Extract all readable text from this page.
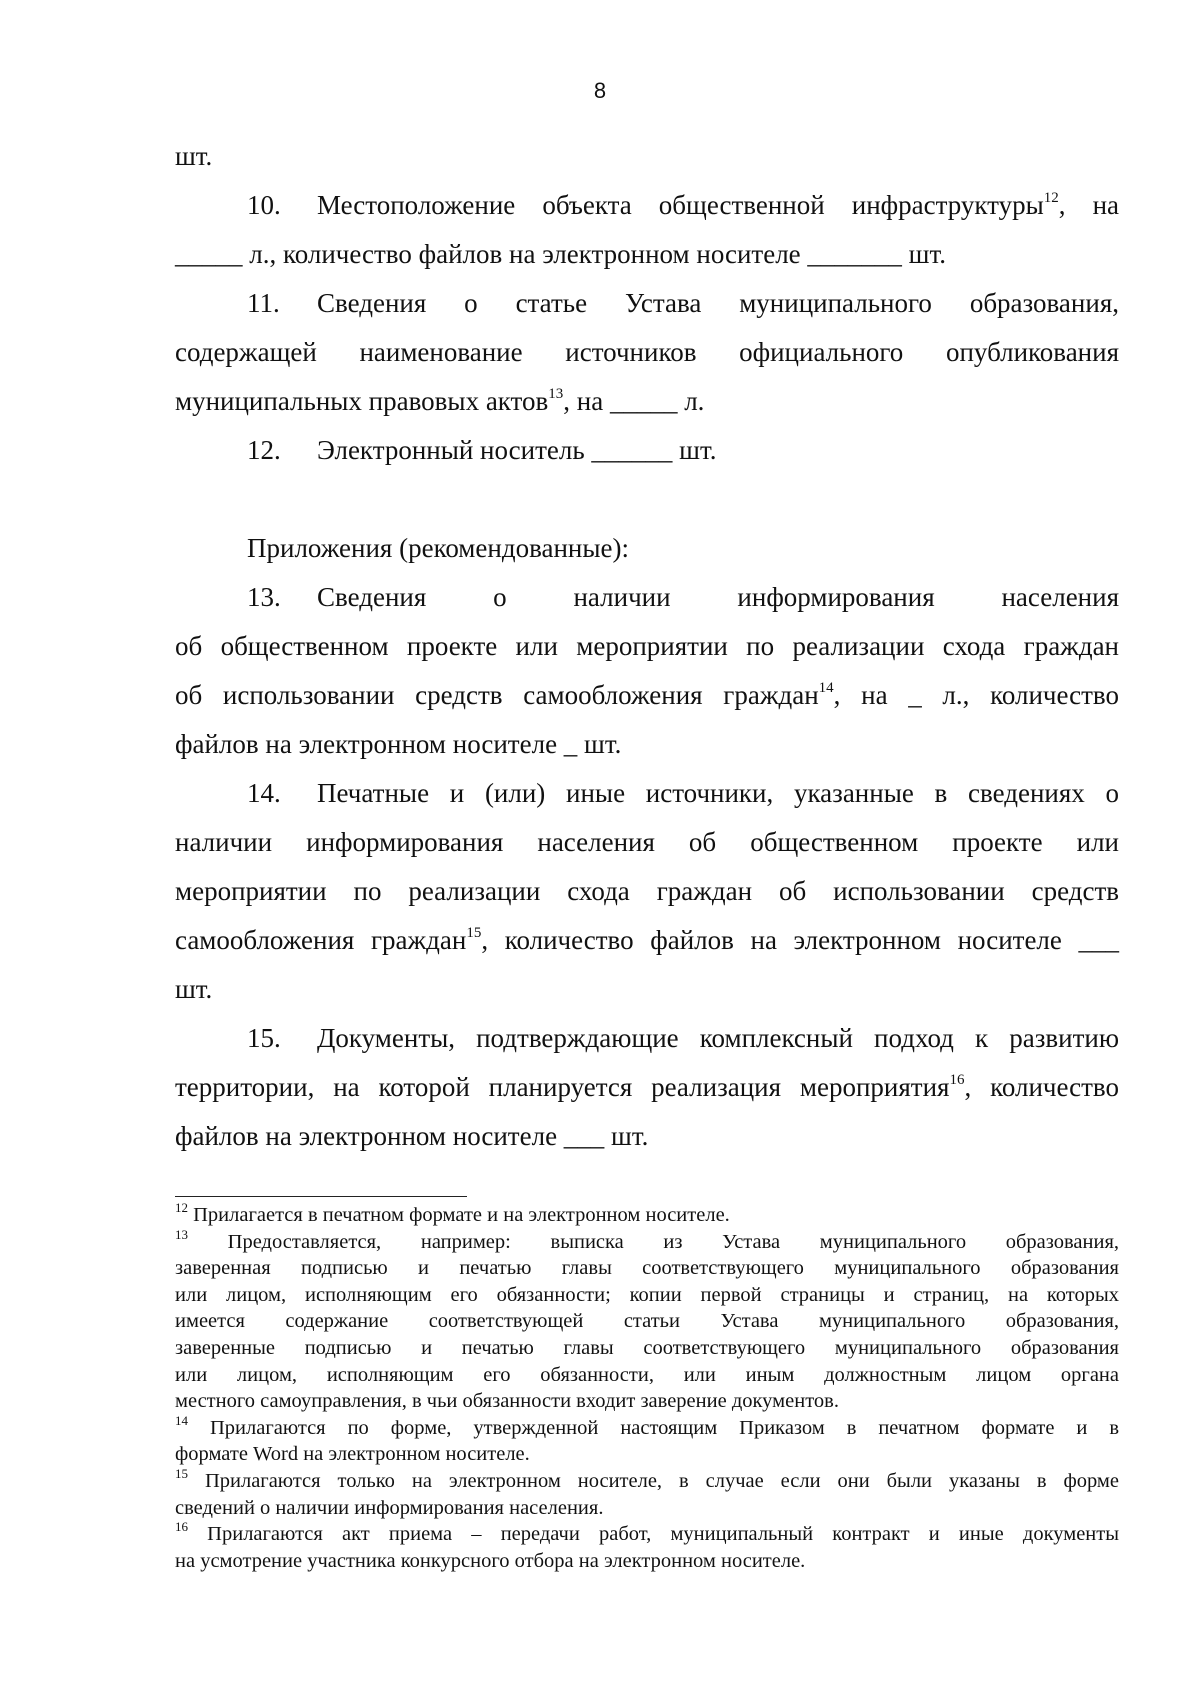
8
шт.
10. Местоположение объекта общественной инфраструктуры$^{12}$, на
_____ л., количество файлов на электронном носителе _______ шт.
11. Сведения о статье Устава муниципального образования,
содержащей наименование источников официального опубликования
муниципальных правовых актов$^{13}$, на _____ л.
12. Электронный носитель ______ шт.
Приложения (рекомендованные):
13. Сведения о наличии информирования населения
об общественном проекте или мероприятии по реализации схода граждан
об использовании средств самообложения граждан$^{14}$, на _ л., количество
файлов на электронном носителе _ шт.
14. Печатные и (или) иные источники, указанные в сведениях о
наличии информирования населения об общественном проекте или
мероприятии по реализации схода граждан об использовании средств
самообложения граждан$^{15}$, количество файлов на электронном носителе ___
шт.
15. Документы, подтверждающие комплексный подход к развитию
территории, на которой планируется реализация мероприятия$^{16}$, количество
файлов на электронном носителе ___ шт.
$^{12}$ Прилагается в печатном формате и на электронном носителе.
$^{13}$ Предоставляется, например: выписка из Устава муниципального образования,
заверенная подписью и печатью главы соответствующего муниципального образования
или лицом, исполняющим его обязанности; копии первой страницы и страниц, на которых
имеется содержание соответствующей статьи Устава муниципального образования,
заверенные подписью и печатью главы соответствующего муниципального образования
или лицом, исполняющим его обязанности, или иным должностным лицом органа
местного самоуправления, в чьи обязанности входит заверение документов.
$^{14}$ Прилагаются по форме, утвержденной настоящим Приказом в печатном формате и в
формате Word на электронном носителе.
$^{15}$ Прилагаются только на электронном носителе, в случае если они были указаны в форме
сведений о наличии информирования населения.
$^{16}$ Прилагаются акт приема – передачи работ, муниципальный контракт и иные документы
на усмотрение участника конкурсного отбора на электронном носителе.
